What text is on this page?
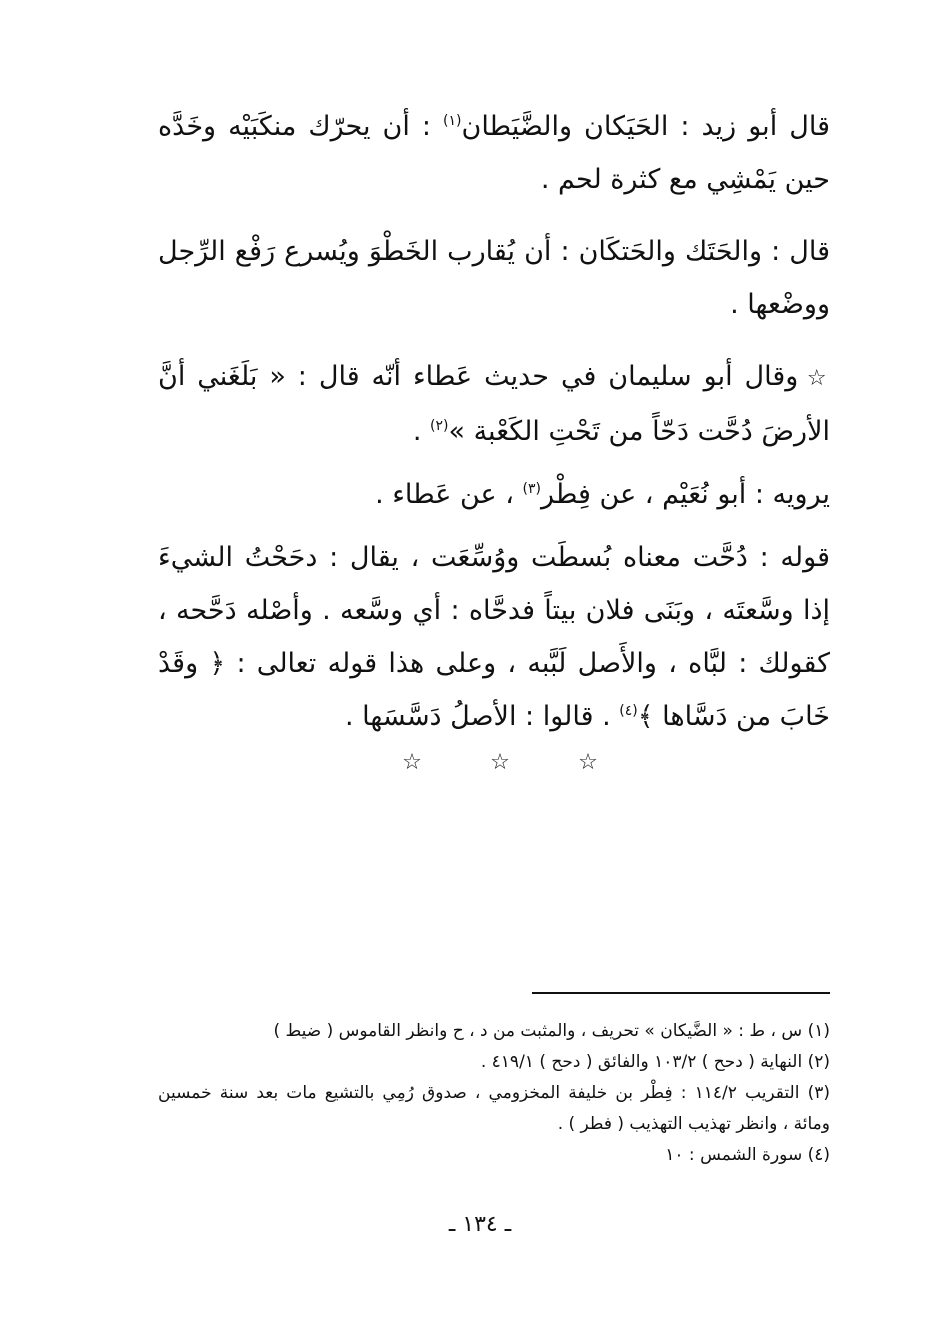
قال أبو زيد : الحَيَكان والضَّيَطان$^{(١)}$ : أن يحرّك منكَبَيْه وخَدَّه حين يَمْشِي مع كثرة لحم .

قال : والحَتَك والحَتكَان : أن يُقارب الخَطْوَ ويُسرع رَفْع الرِّجل ووضْعها .

☆ وقال أبو سليمان في حديث عَطاء أنّه قال : « بَلَغَني أنَّ الأرضَ دُحَّت دَحّاً من تَحْتِ الكَعْبة »$^{(٢)}$ .

يرويه : أبو نُعَيْم ، عن فِطْر$^{(٣)}$ ، عن عَطاء .

قوله : دُحَّت معناه بُسطَت ووُسِّعَت ، يقال : دحَحْتُ الشيءَ إذا وسَّعتَه ، وبَنَى فلان بيتاً فدحَّاه : أي وسَّعه . وأصْله دَحَّحه ، كقولك : لبَّاه ، والأَصل لَبَّبه ، وعلى هذا قوله تعالى : ﴿ وقَدْ خَابَ من دَسَّاها ﴾$^{(٤)}$ . قالوا : الأصلُ دَسَّسَها .

☆
☆
☆

(١) س ، ط : « الضَّيكان » تحريف ، والمثبت من د ، ح وانظر القاموس ( ضيط )

(٢) النهاية ( دحح ) ١٠٣/٢ والفائق ( دحح ) ٤١٩/١ .

(٣) التقريب ١١٤/٢ : فِطْر بن خليفة المخزومي ، صدوق رُمِي بالتشيع مات بعد سنة خمسين ومائة ، وانظر تهذيب التهذيب ( فطر ) .

(٤) سورة الشمس : ١٠

ـ ١٣٤ ـ
